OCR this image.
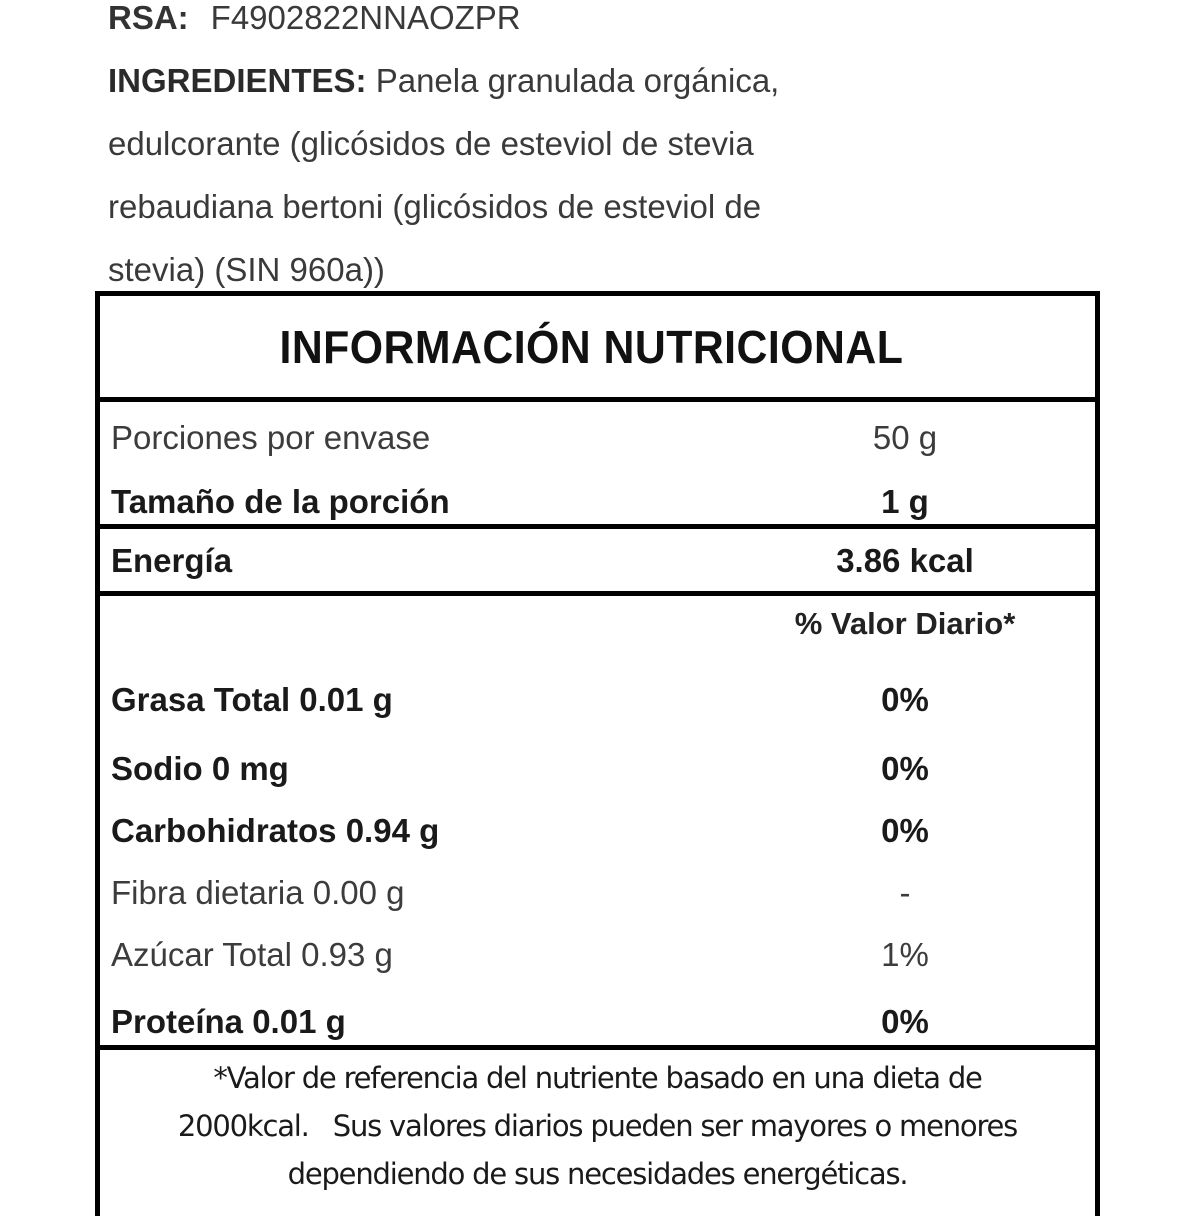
RSA: F4902822NNAOZPR
INGREDIENTES: Panela granulada orgánica,
edulcorante (glicósidos de esteviol de stevia
rebaudiana bertoni (glicósidos de esteviol de
stevia) (SIN 960a))
INFORMACIÓN NUTRICIONAL
Porciones por envase	50 g
Tamaño de la porción	1 g
Energía	3.86 kcal
% Valor Diario*
Grasa Total 0.01 g	0%
Sodio 0 mg	0%
Carbohidratos 0.94 g	0%
Fibra dietaria 0.00 g	-
Azúcar Total 0.93 g	1%
Proteína 0.01 g	0%
*Valor de referencia del nutriente basado en una dieta de
2000kcal.   Sus valores diarios pueden ser mayores o menores
dependiendo de sus necesidades energéticas.
